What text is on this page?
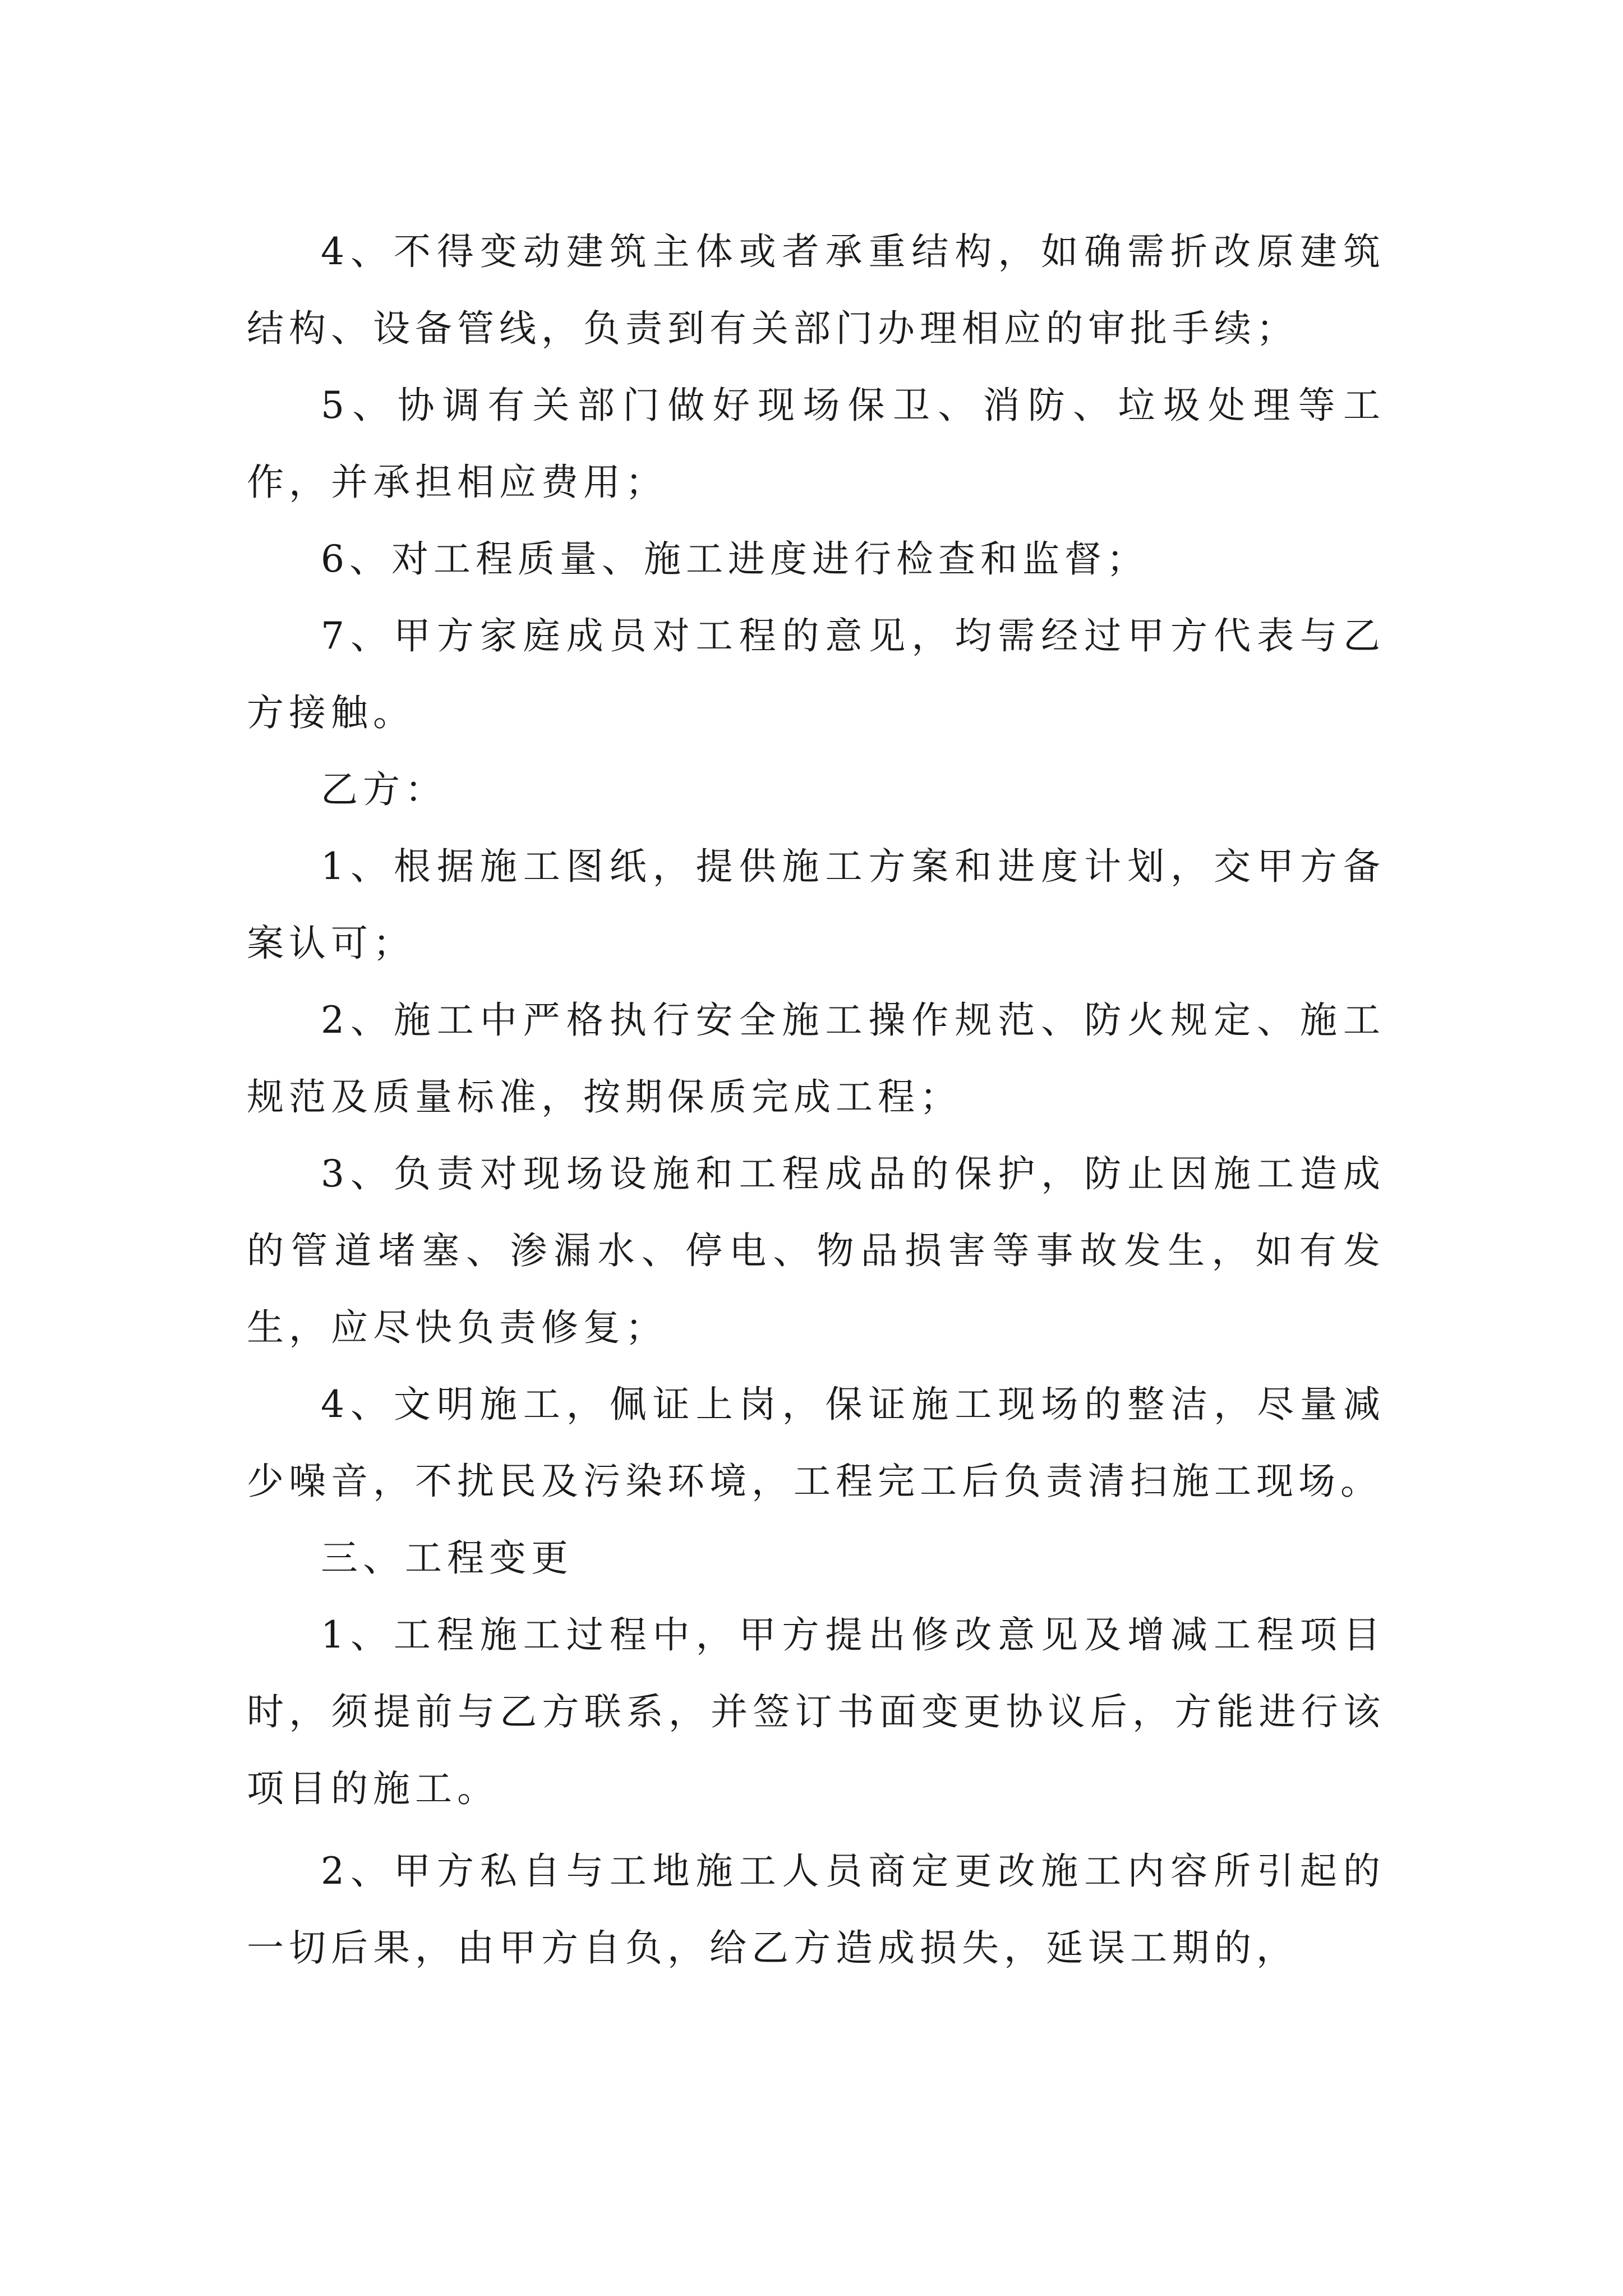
4、不得变动建筑主体或者承重结构，如确需折改原建筑结构、设备管线，负责到有关部门办理相应的审批手续；

5、协调有关部门做好现场保卫、消防、垃圾处理等工作，并承担相应费用；

6、对工程质量、施工进度进行检查和监督；

7、甲方家庭成员对工程的意见，均需经过甲方代表与乙方接触。

乙方：

1、根据施工图纸，提供施工方案和进度计划，交甲方备案认可；

2、施工中严格执行安全施工操作规范、防火规定、施工规范及质量标准，按期保质完成工程；

3、负责对现场设施和工程成品的保护，防止因施工造成的管道堵塞、渗漏水、停电、物品损害等事故发生，如有发生，应尽快负责修复；

4、文明施工，佩证上岗，保证施工现场的整洁，尽量减少噪音，不扰民及污染环境，工程完工后负责清扫施工现场。

三、工程变更

1、工程施工过程中，甲方提出修改意见及增减工程项目时，须提前与乙方联系，并签订书面变更协议后，方能进行该项目的施工。

2、甲方私自与工地施工人员商定更改施工内容所引起的一切后果，由甲方自负，给乙方造成损失，延误工期的，
